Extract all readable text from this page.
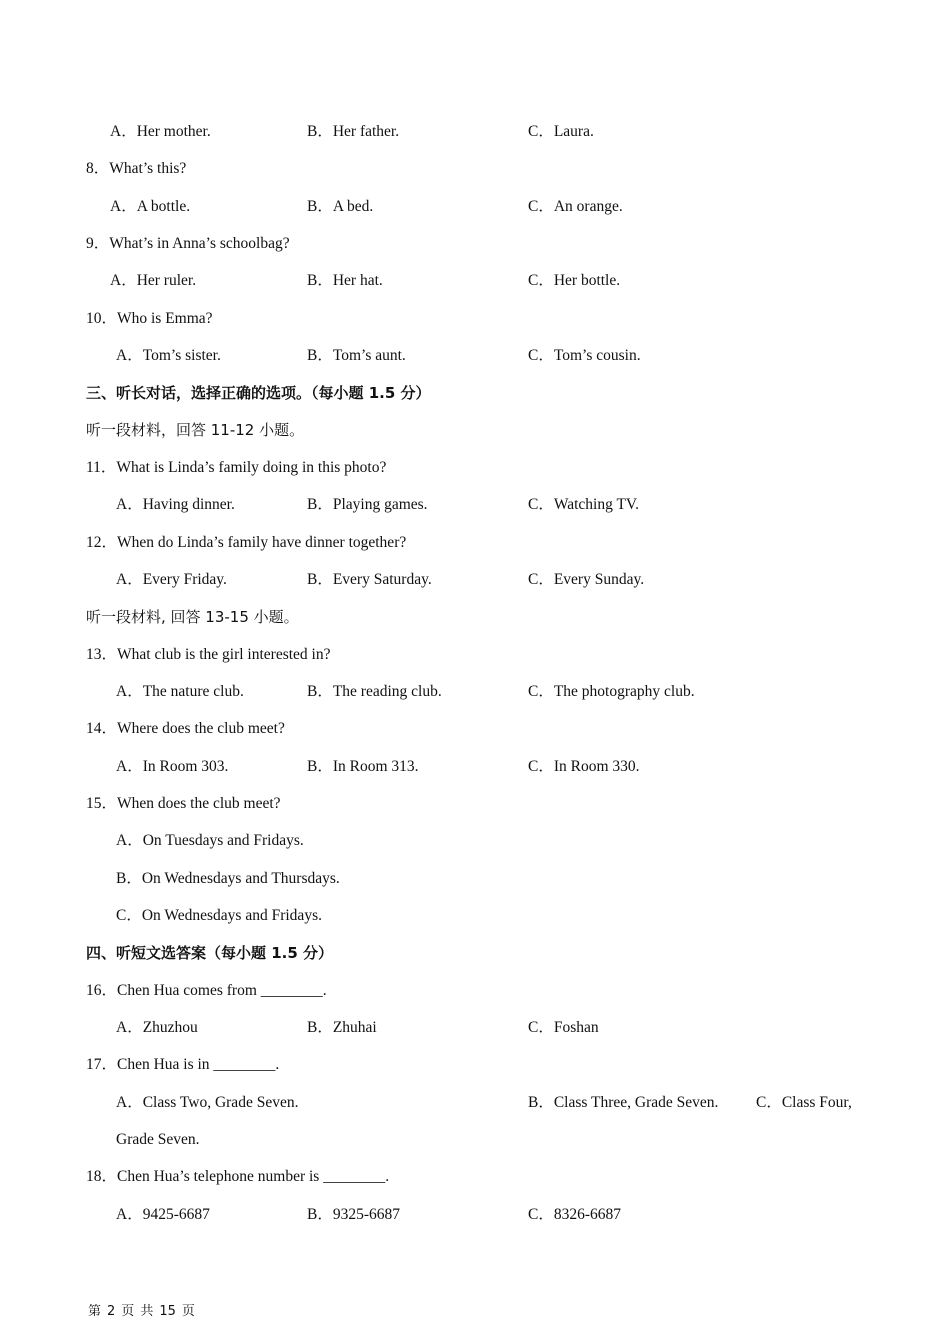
A．Her mother.	B．Her father.	C．Laura.
8．What’s this?
A．A bottle.	B．A bed.	C．An orange.
9．What’s in Anna’s schoolbag?
A．Her ruler.	B．Her hat.	C．Her bottle.
10．Who is Emma?
A．Tom’s sister.	B．Tom’s aunt.	C．Tom’s cousin.
三、听长对话，选择正确的选项。（每小题 1.5 分）
听一段材料，回答 11-12 小题。
11．What is Linda’s family doing in this photo?
A．Having dinner.	B．Playing games.	C．Watching TV.
12．When do Linda’s family have dinner together?
A．Every Friday.	B．Every Saturday.	C．Every Sunday.
听一段材料, 回答 13-15 小题。
13．What club is the girl interested in?
A．The nature club.	B．The reading club.	C．The photography club.
14．Where does the club meet?
A．In Room 303.	B．In Room 313.	C．In Room 330.
15．When does the club meet?
A．On Tuesdays and Fridays.
B．On Wednesdays and Thursdays.
C．On Wednesdays and Fridays.
四、听短文选答案（每小题 1.5 分）
16．Chen Hua comes from ________.
A．Zhuzhou	B．Zhuhai	C．Foshan
17．Chen Hua is in ________.
A．Class Two, Grade Seven.	B．Class Three, Grade Seven. C．Class Four,
Grade Seven.
18．Chen Hua’s telephone number is ________.
A．9425-6687	B．9325-6687	C．8326-6687
第 2 页 共 15 页
